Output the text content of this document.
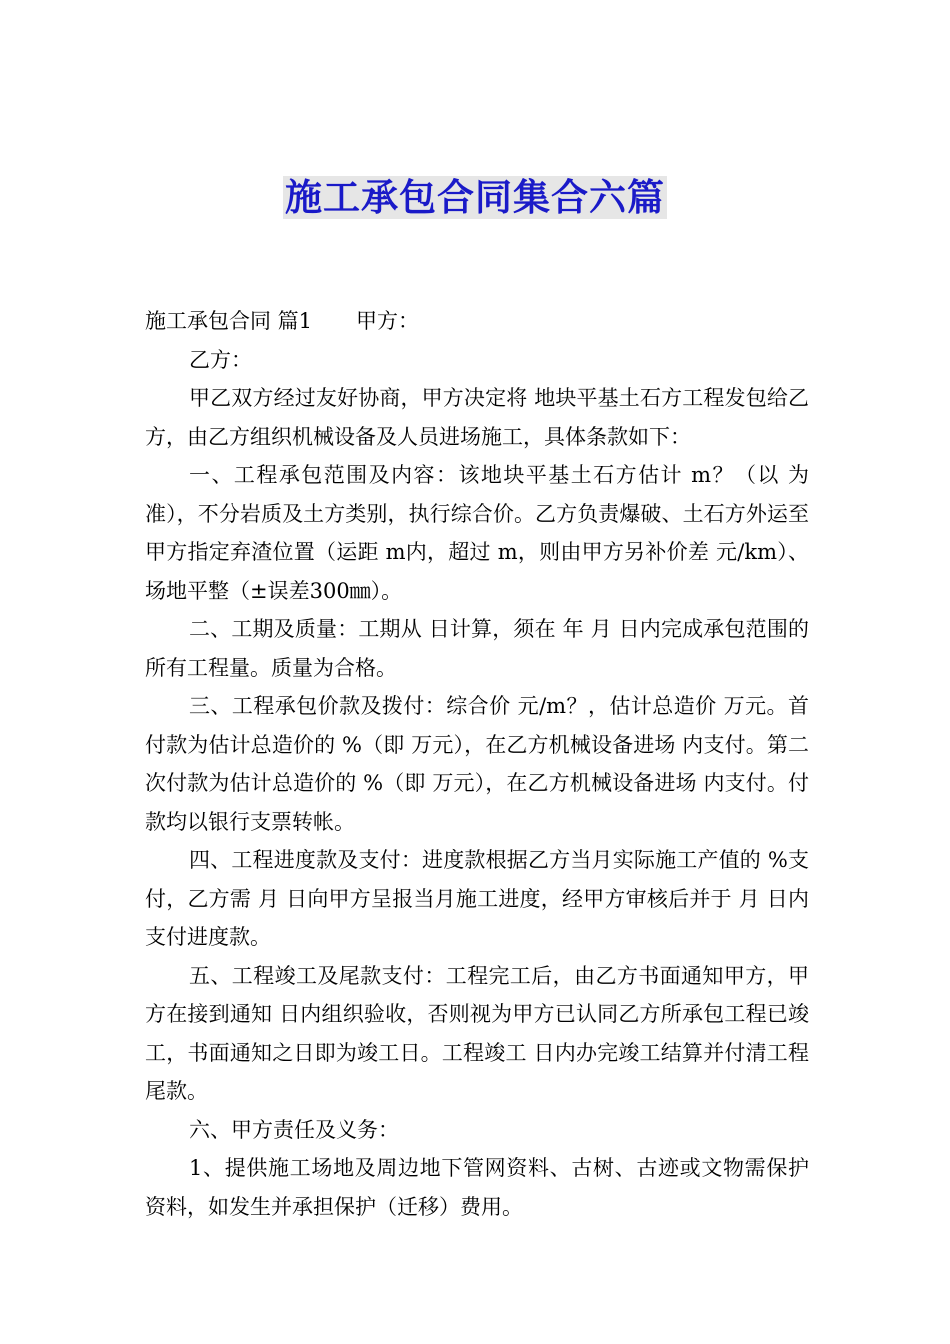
施工承包合同集合六篇

施工承包合同 篇1 甲方：

乙方：

甲乙双方经过友好协商，甲方决定将 地块平基土石方工程发包给乙方，由乙方组织机械设备及人员进场施工，具体条款如下：

一、工程承包范围及内容：该地块平基土石方估计 m？（以 为准），不分岩质及土方类别，执行综合价。乙方负责爆破、土石方外运至甲方指定弃渣位置（运距 m内，超过 m，则由甲方另补价差 元/km）、场地平整（±误差300㎜）。

二、工期及质量：工期从 日计算，须在 年 月 日内完成承包范围的所有工程量。质量为合格。

三、工程承包价款及拨付：综合价 元/m？，估计总造价 万元。首付款为估计总造价的 %（即 万元），在乙方机械设备进场 内支付。第二次付款为估计总造价的 %（即 万元），在乙方机械设备进场 内支付。付款均以银行支票转帐。

四、工程进度款及支付：进度款根据乙方当月实际施工产值的 %支付，乙方需 月 日向甲方呈报当月施工进度，经甲方审核后并于 月 日内支付进度款。

五、工程竣工及尾款支付：工程完工后，由乙方书面通知甲方，甲方在接到通知 日内组织验收，否则视为甲方已认同乙方所承包工程已竣工，书面通知之日即为竣工日。工程竣工 日内办完竣工结算并付清工程尾款。

六、甲方责任及义务：

1、提供施工场地及周边地下管网资料、古树、古迹或文物需保护资料，如发生并承担保护（迁移）费用。
